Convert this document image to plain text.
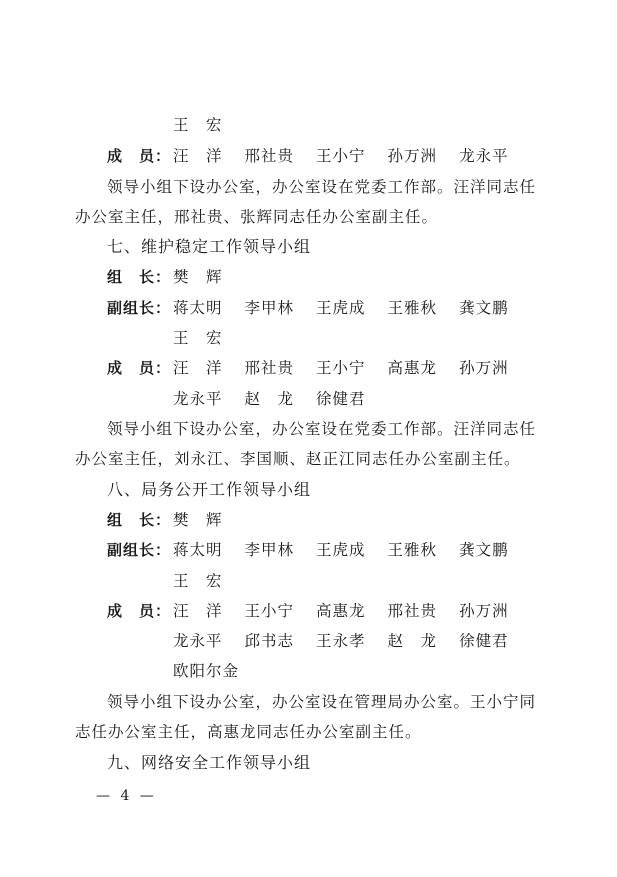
王　宏
成　员： 汪　洋 邢社贵 王小宁 孙万洲 龙永平
领导小组下设办公室，办公室设在党委工作部。汪洋同志任
办公室主任，邢社贵、张辉同志任办公室副主任。
七、维护稳定工作领导小组
组　长： 樊　辉
副组长： 蒋太明 李甲林 王虎成 王雅秋 龚文鹏
王　宏
成　员： 汪　洋 邢社贵 王小宁 高惠龙 孙万洲
龙永平 赵　龙 徐健君
领导小组下设办公室，办公室设在党委工作部。汪洋同志任
办公室主任，刘永江、李国顺、赵正江同志任办公室副主任。
八、局务公开工作领导小组
组　长： 樊　辉
副组长： 蒋太明 李甲林 王虎成 王雅秋 龚文鹏
王　宏
成　员： 汪　洋 王小宁 高惠龙 邢社贵 孙万洲
龙永平 邱书志 王永孝 赵　龙 徐健君
欧阳尔金
领导小组下设办公室，办公室设在管理局办公室。王小宁同
志任办公室主任，高惠龙同志任办公室副主任。
九、网络安全工作领导小组
— 4 —
